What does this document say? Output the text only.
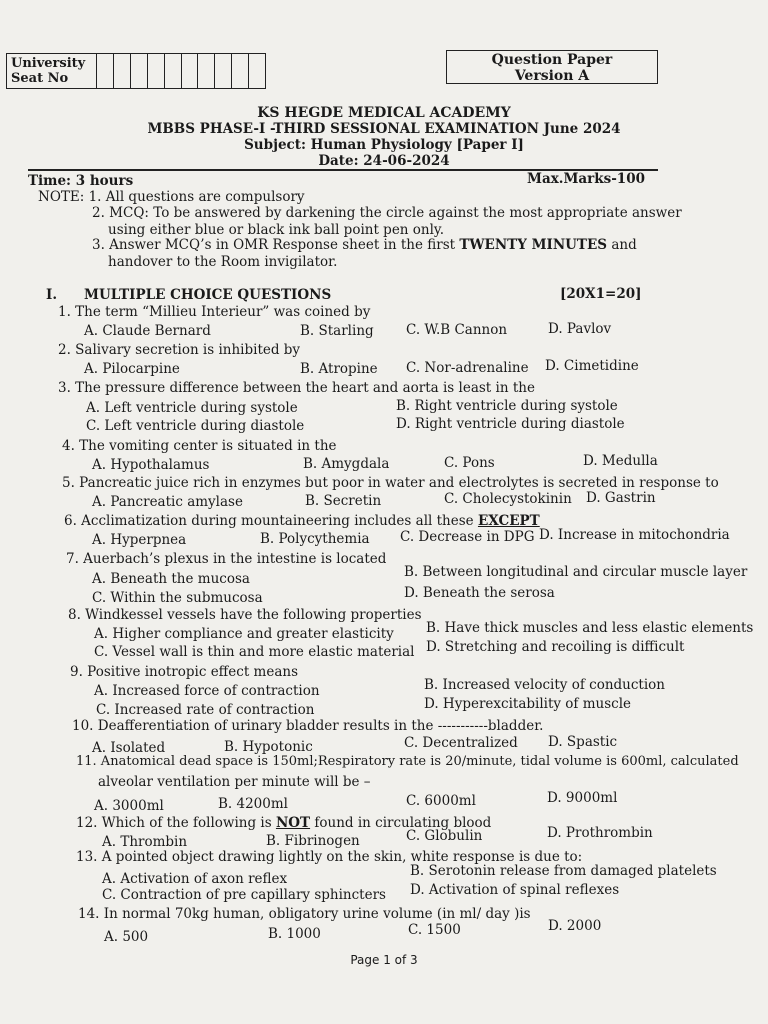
University
Seat No
Question Paper
Version A
KS HEGDE MEDICAL ACADEMY
MBBS PHASE-I -THIRD SESSIONAL EXAMINATION June 2024
Subject: Human Physiology [Paper I]
Date: 24-06-2024
Time: 3 hours	Max.Marks-100
NOTE: 1. All questions are compulsory
2. MCQ: To be answered by darkening the circle against the most appropriate answer
using either blue or black ink ball point pen only.
3. Answer MCQ’s in OMR Response sheet in the first TWENTY MINUTES and
handover to the Room invigilator.
I. MULTIPLE CHOICE QUESTIONS	[20X1=20]
1. The term “Millieu Interieur” was coined by
A. Claude Bernard	B. Starling C. W.B Cannon	D. Pavlov
2. Salivary secretion is inhibited by
A. Pilocarpine	B. Atropine C. Nor-adrenaline D. Cimetidine
3. The pressure difference between the heart and aorta is least in the
A. Left ventricle during systole	B. Right ventricle during systole
C. Left ventricle during diastole	D. Right ventricle during diastole
4. The vomiting center is situated in the
A. Hypothalamus	B. Amygdala	C. Pons	D. Medulla
5. Pancreatic juice rich in enzymes but poor in water and electrolytes is secreted in response to
A. Pancreatic amylase	B. Secretin	C. Cholecystokinin D. Gastrin
6. Acclimatization during mountaineering includes all these EXCEPT
A. Hyperpnea	B. Polycythemia C. Decrease in DPG D. Increase in mitochondria
7. Auerbach’s plexus in the intestine is located
A. Beneath the mucosa	B. Between longitudinal and circular muscle layer
C. Within the submucosa	D. Beneath the serosa
8. Windkessel vessels have the following properties
A. Higher compliance and greater elasticity B. Have thick muscles and less elastic elements
C. Vessel wall is thin and more elastic material D. Stretching and recoiling is difficult
9. Positive inotropic effect means
A. Increased force of contraction	B. Increased velocity of conduction
C. Increased rate of contraction	D. Hyperexcitability of muscle
10. Deafferentiation of urinary bladder results in the -----------bladder.
A. Isolated	B. Hypotonic	C. Decentralized D. Spastic
11. Anatomical dead space is 150ml;Respiratory rate is 20/minute, tidal volume is 600ml, calculated
alveolar ventilation per minute will be –
A. 3000ml	B. 4200ml	C. 6000ml	D. 9000ml
12. Which of the following is NOT found in circulating blood
A. Thrombin	B. Fibrinogen	C. Globulin	D. Prothrombin
13. A pointed object drawing lightly on the skin, white response is due to:
A. Activation of axon reflex	B. Serotonin release from damaged platelets
C. Contraction of pre capillary sphincters D. Activation of spinal reflexes
14. In normal 70kg human, obligatory urine volume (in ml/ day )is
A. 500	B. 1000	C. 1500	D. 2000
Page 1 of 3
